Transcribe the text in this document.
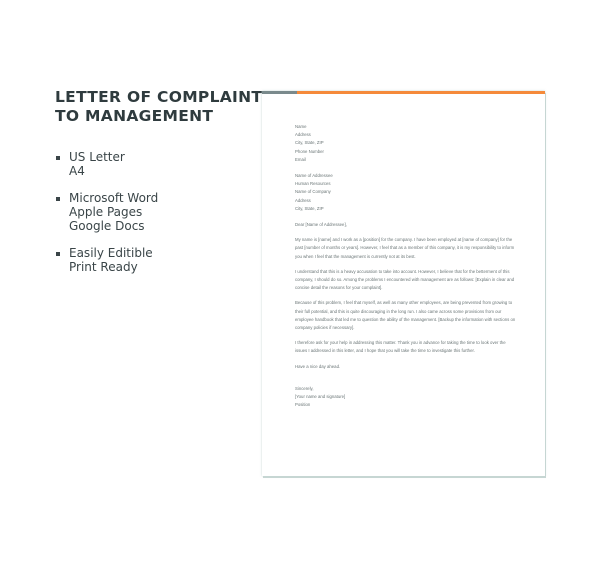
LETTER OF COMPLAINT
TO MANAGEMENT
US Letter
A4
Microsoft Word
Apple Pages
Google Docs
Easily Editible
Print Ready
Name
Address
City, State, ZIP
Phone Number
Email
Name of Addressee
Human Resources
Name of Company
Address
City, State, ZIP

Dear [Name of Addressee],

My name is [name] and I work as a [position] for the company. I have been employed at [name of company] for the past [number of months or years]. However, I feel that as a member of this company, it is my responsibility to inform you when I feel that the management is currently not at its best.

I understand that this is a heavy accusation to take into account. However, I believe that for the betterment of this company, I should do so. Among the problems I encountered with management are as follows: [Explain in clear and concise detail the reasons for your complaint].

Because of this problem, I feel that myself, as well as many other employees, are being prevented from growing to their full potential, and this is quite discouraging in the long run. I also came across some provisions from our employee handbook that led me to question the ability of the management. [Backup the information with sections on company policies if necessary].

I therefore ask for your help in addressing this matter. Thank you in advance for taking the time to look over the issues I addressed in this letter, and I hope that you will take the time to investigate this further.

Have a nice day ahead.

Sincerely,
[Your name and signature]
Position
